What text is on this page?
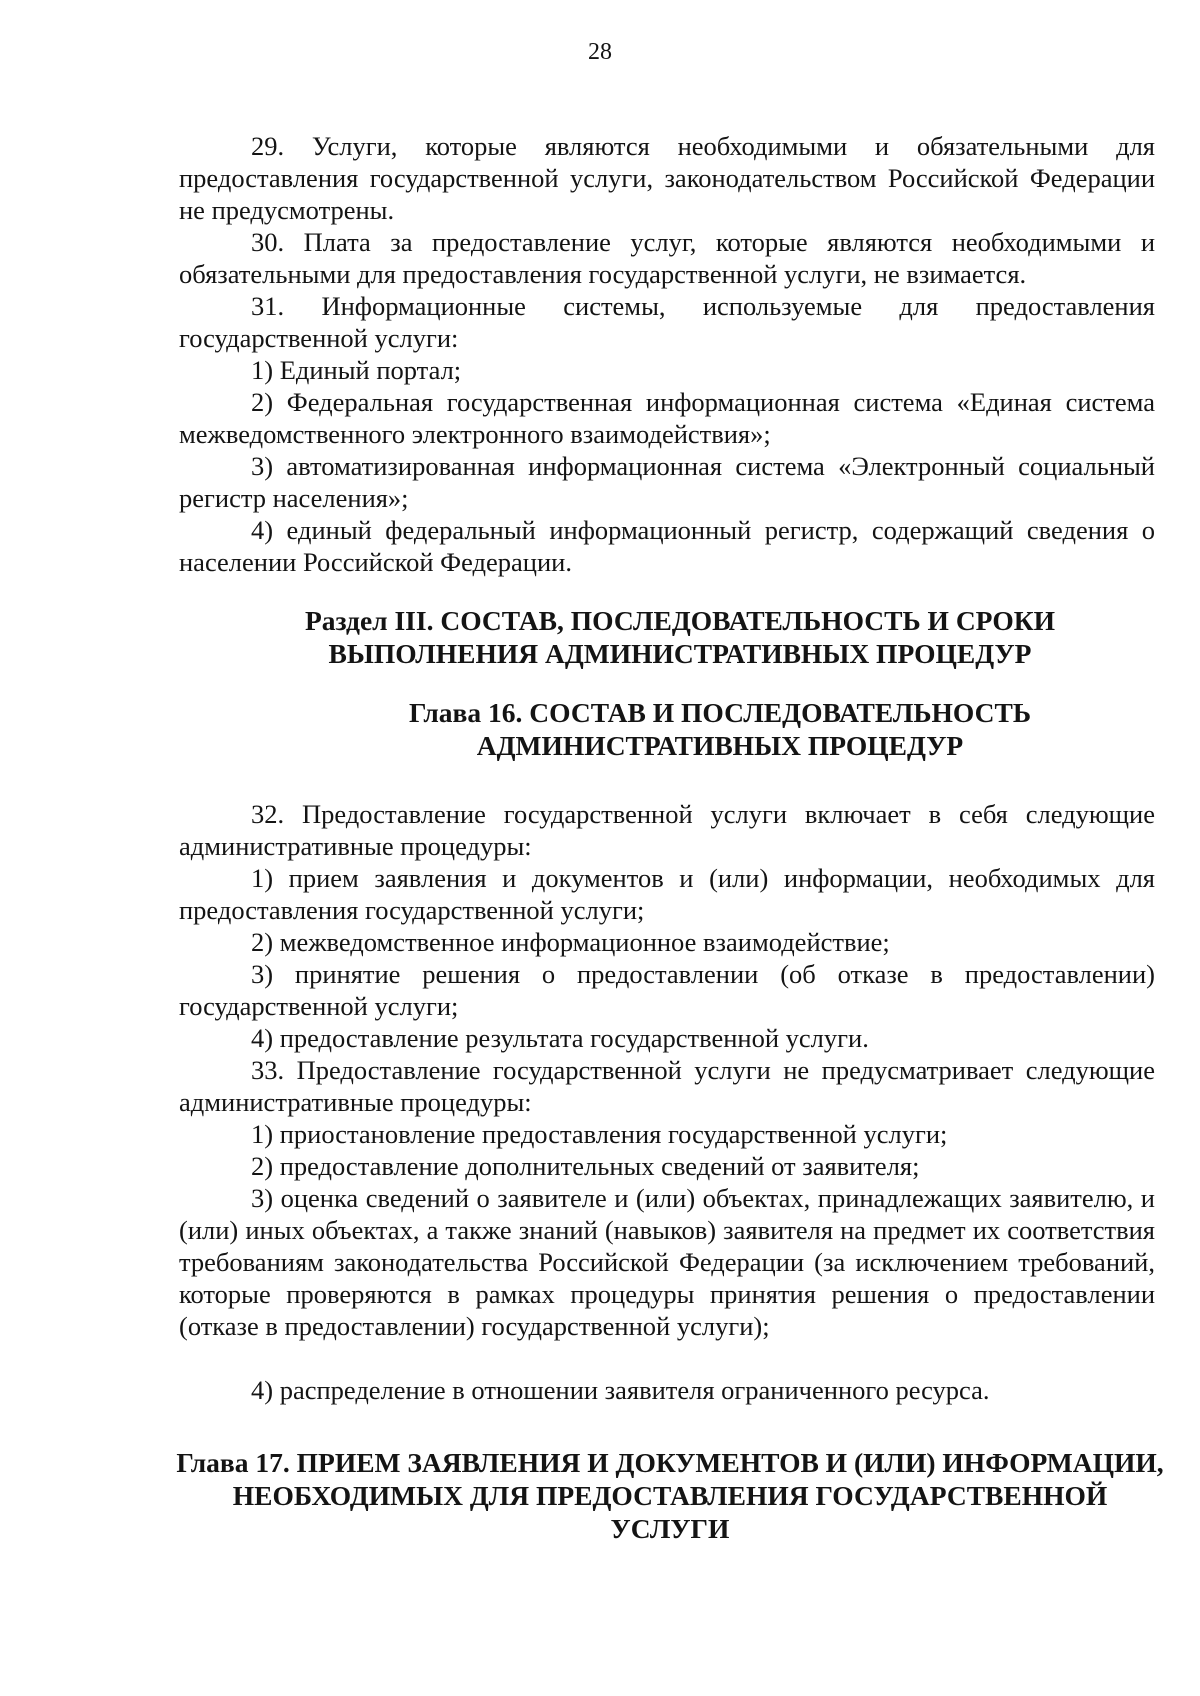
28

29. Услуги, которые являются необходимыми и обязательными для предоставления государственной услуги, законодательством Российской Федерации не предусмотрены.

30. Плата за предоставление услуг, которые являются необходимыми и обязательными для предоставления государственной услуги, не взимается.

31. Информационные системы, используемые для предоставления государственной услуги:

1) Единый портал;

2) Федеральная государственная информационная система «Единая система межведомственного электронного взаимодействия»;

3) автоматизированная информационная система «Электронный социальный регистр населения»;

4) единый федеральный информационный регистр, содержащий сведения о населении Российской Федерации.

Раздел III. СОСТАВ, ПОСЛЕДОВАТЕЛЬНОСТЬ И СРОКИ
ВЫПОЛНЕНИЯ АДМИНИСТРАТИВНЫХ ПРОЦЕДУР
Глава 16. СОСТАВ И ПОСЛЕДОВАТЕЛЬНОСТЬ
АДМИНИСТРАТИВНЫХ ПРОЦЕДУР

32. Предоставление государственной услуги включает в себя следующие административные процедуры:

1) прием заявления и документов и (или) информации, необходимых для предоставления государственной услуги;

2) межведомственное информационное взаимодействие;

3) принятие решения о предоставлении (об отказе в предоставлении) государственной услуги;

4) предоставление результата государственной услуги.

33. Предоставление государственной услуги не предусматривает следующие административные процедуры:

1) приостановление предоставления государственной услуги;

2) предоставление дополнительных сведений от заявителя;

3) оценка сведений о заявителе и (или) объектах, принадлежащих заявителю, и (или) иных объектах, а также знаний (навыков) заявителя на предмет их соответствия требованиям законодательства Российской Федерации (за исключением требований, которые проверяются в рамках процедуры принятия решения о предоставлении (отказе в предоставлении) государственной услуги);

4) распределение в отношении заявителя ограниченного ресурса.

Глава 17. ПРИЕМ ЗАЯВЛЕНИЯ И ДОКУМЕНТОВ И (ИЛИ) ИНФОРМАЦИИ,
НЕОБХОДИМЫХ ДЛЯ ПРЕДОСТАВЛЕНИЯ ГОСУДАРСТВЕННОЙ
УСЛУГИ
